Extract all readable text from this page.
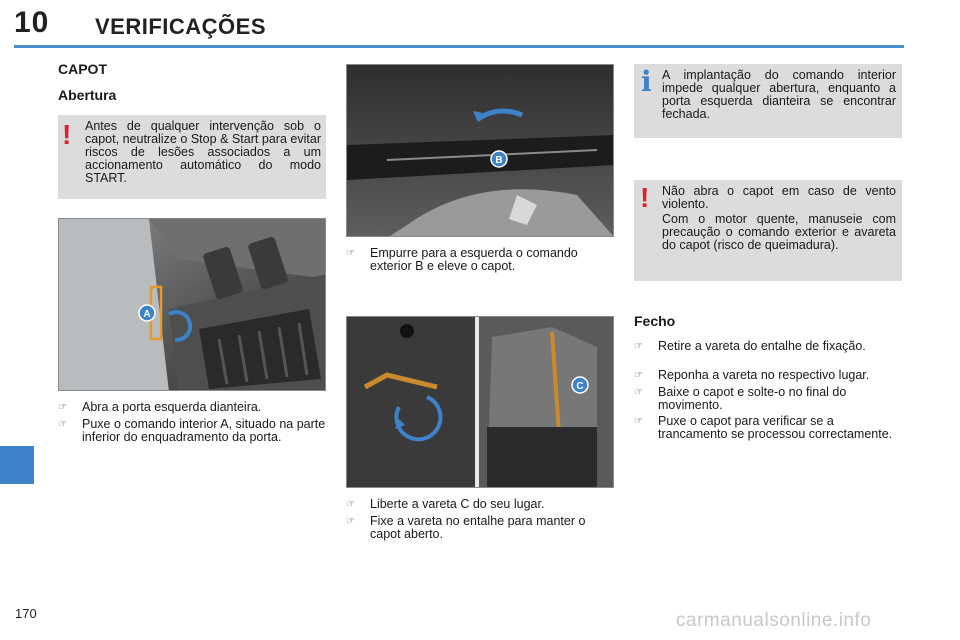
10 VERIFICAÇÕES
CAPOT
Abertura
! Antes de qualquer intervenção sob o capot, neutralize o Stop & Start para evitar riscos de lesões associados a um accionamento automático do modo START.
A
☞	Abra a porta esquerda dianteira.
☞	Puxe o comando interior A, situado na parte inferior do enquadramento da porta.
B
☞	Empurre para a esquerda o comando exterior B e eleve o capot.
C
☞	Liberte a vareta C do seu lugar.
☞	Fixe a vareta no entalhe para manter o capot aberto.
i A implantação do comando interior impede qualquer abertura, enquanto a porta esquerda dianteira se encontrar fechada.
! Não abra o capot em caso de vento violento.
Com o motor quente, manuseie com precaução o comando exterior e avareta do capot (risco de queimadura).
Fecho
☞	Retire a vareta do entalhe de fixação.
☞	Reponha a vareta no respectivo lugar.
☞	Baixe o capot e solte-o no final do movimento.
☞	Puxe o capot para verificar se a trancamento se processou correctamente.
170	carmanualsonline.info
